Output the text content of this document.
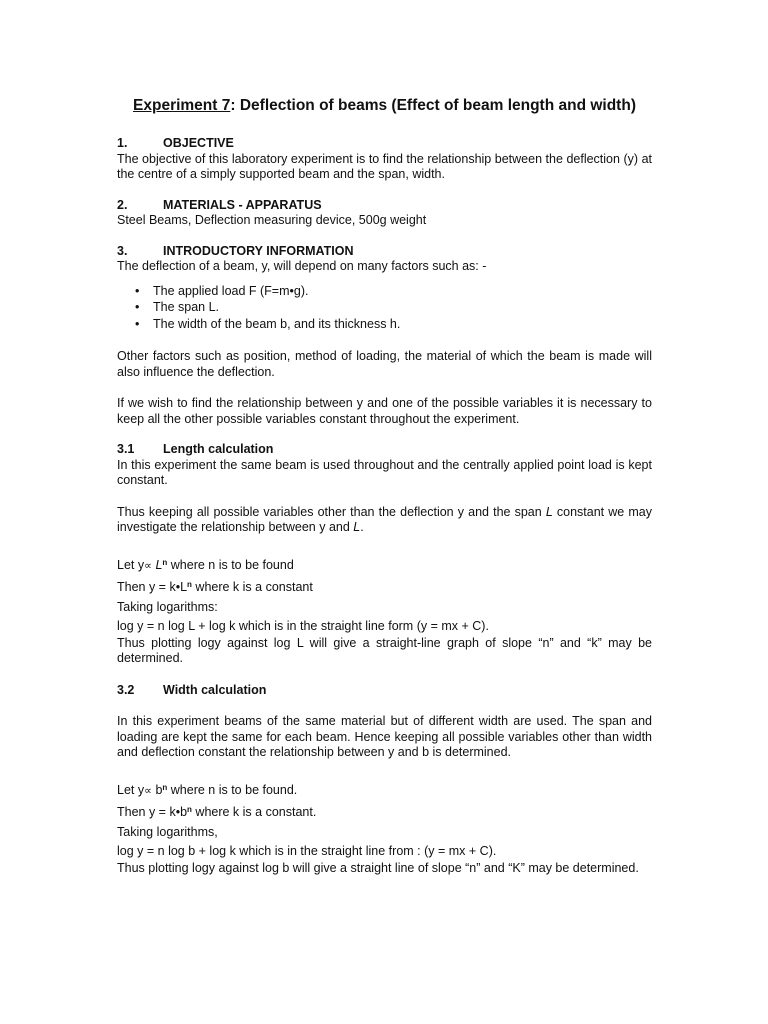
Experiment 7: Deflection of beams (Effect of beam length and width)
1.	OBJECTIVE

The objective of this laboratory experiment is to find the relationship between the deflection (y) at the centre of a simply supported beam and the span, width.

2.	MATERIALS - APPARATUS

Steel Beams, Deflection measuring device, 500g weight

3.	INTRODUCTORY INFORMATION

The deflection of a beam, y, will depend on many factors such as: -

• The applied load F (F=m•g).
• The span L.
• The width of the beam b, and its thickness h.

Other factors such as position, method of loading, the material of which the beam is made will also influence the deflection.

If we wish to find the relationship between y and one of the possible variables it is necessary to keep all the other possible variables constant throughout the experiment.

3.1 Length calculation

In this experiment the same beam is used throughout and the centrally applied point load is kept constant.

Thus keeping all possible variables other than the deflection y and the span L constant we may investigate the relationship between y and L.

Let $y\propto L^n$ where n is to be found
Then $y = k•L^n$ where k is a constant
Taking logarithms:
log y = n log L + log k which is in the straight line form (y = mx + C).

Thus plotting logy against log L will give a straight-line graph of slope “n” and “k” may be determined.

3.2 Width calculation

In this experiment beams of the same material but of different width are used. The span and loading are kept the same for each beam. Hence keeping all possible variables other than width and deflection constant the relationship between y and b is determined.

Let $y\propto b^n$ where n is to be found.
Then $y = k•b^n$ where k is a constant.
Taking logarithms,
log y = n log b + log k which is in the straight line from : (y = mx + C).

Thus plotting logy against log b will give a straight line of slope “n” and “K” may be determined.
